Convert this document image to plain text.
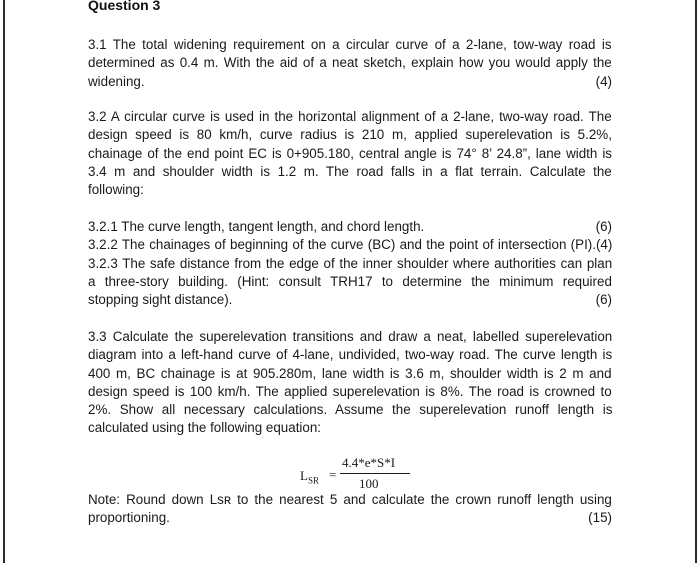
Question 3
3.1 The total widening requirement on a circular curve of a 2-lane, tow-way road is
determined as 0.4 m. With the aid of a neat sketch, explain how you would apply the
widening.	(4)
3.2 A circular curve is used in the horizontal alignment of a 2-lane, two-way road. The
design speed is 80 km/h, curve radius is 210 m, applied superelevation is 5.2%,
chainage of the end point EC is 0+905.180, central angle is 74° 8’ 24.8”, lane width is
3.4 m and shoulder width is 1.2 m. The road falls in a flat terrain. Calculate the
following:
3.2.1 The curve length, tangent length, and chord length.	(6)
3.2.2 The chainages of beginning of the curve (BC) and the point of intersection (PI).(4)
3.2.3 The safe distance from the edge of the inner shoulder where authorities can plan
a three-story building. (Hint: consult TRH17 to determine the minimum required
stopping sight distance).	(6)
3.3 Calculate the superelevation transitions and draw a neat, labelled superelevation
diagram into a left-hand curve of 4-lane, undivided, two-way road. The curve length is
400 m, BC chainage is at 905.280m, lane width is 3.6 m, shoulder width is 2 m and
design speed is 100 km/h. The applied superelevation is 8%. The road is crowned to
2%. Show all necessary calculations. Assume the superelevation runoff length is
calculated using the following equation:
$L_{SR}$ =
4.4*e*S*I
100
Note: Round down Lsʀ to the nearest 5 and calculate the crown runoff length using
proportioning.	(15)
